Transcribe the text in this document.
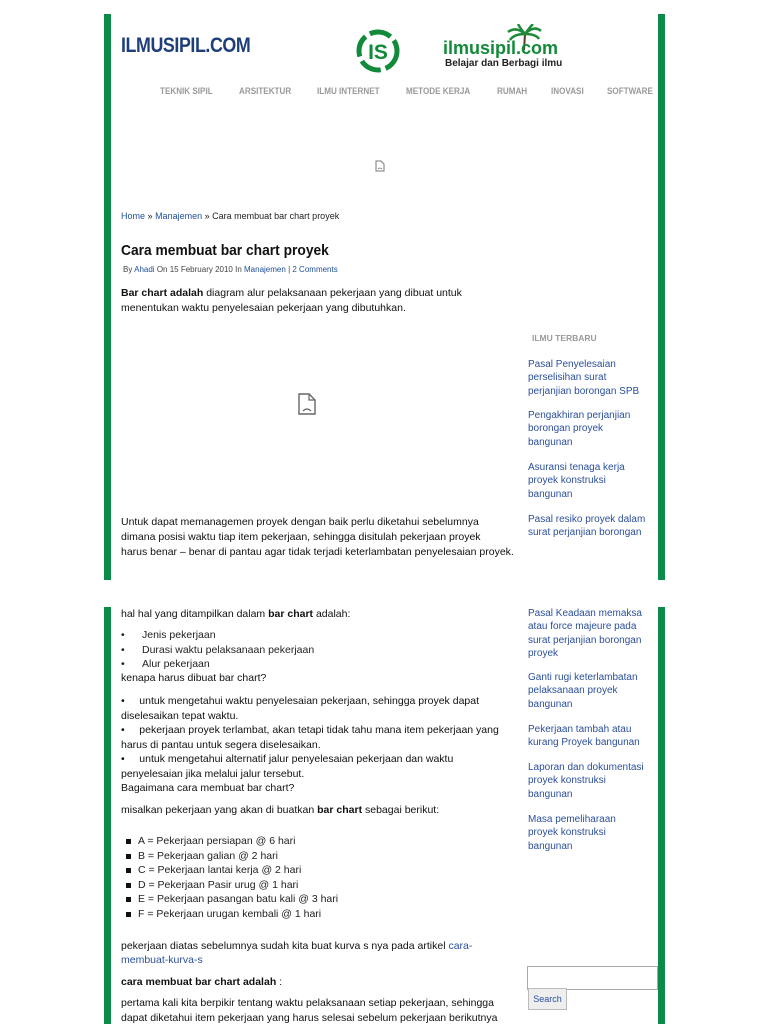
ILMUSIPIL.COM	IS	ilmusipil.com
Belajar dan Berbagi ilmu
TEKNIK SIPIL	ARSITEKTUR	ILMU INTERNET	METODE KERJA	RUMAH	INOVASI	SOFTWARE
Home » Manajemen » Cara membuat bar chart proyek
Cara membuat bar chart proyek
By Ahadi On 15 February 2010 In Manajemen | 2 Comments
Bar chart adalah diagram alur pelaksanaan pekerjaan yang dibuat untuk
menentukan waktu penyelesaian pekerjaan yang dibutuhkan.
Untuk dapat memanagemen proyek dengan baik perlu diketahui sebelumnya
dimana posisi waktu tiap item pekerjaan, sehingga disitulah pekerjaan proyek
harus benar – benar di pantau agar tidak terjadi keterlambatan penyelesaian proyek.
hal hal yang ditampilkan dalam bar chart adalah:
• Jenis pekerjaan
• Durasi waktu pelaksanaan pekerjaan
• Alur pekerjaan
kenapa harus dibuat bar chart?
•     untuk mengetahui waktu penyelesaian pekerjaan, sehingga proyek dapat
diselesaikan tepat waktu.
•     pekerjaan proyek terlambat, akan tetapi tidak tahu mana item pekerjaan yang
harus di pantau untuk segera diselesaikan.
•     untuk mengetahui alternatif jalur penyelesaian pekerjaan dan waktu
penyelesaian jika melalui jalur tersebut.
Bagaimana cara membuat bar chart?
misalkan pekerjaan yang akan di buatkan bar chart sebagai berikut:
A = Pekerjaan persiapan @ 6 hari
B = Pekerjaan galian @ 2 hari
C = Pekerjaan lantai kerja @ 2 hari
D = Pekerjaan Pasir urug @ 1 hari
E = Pekerjaan pasangan batu kali @ 3 hari
F = Pekerjaan urugan kembali @ 1 hari
pekerjaan diatas sebelumnya sudah kita buat kurva s nya pada artikel cara-
membuat-kurva-s
cara membuat bar chart adalah :
pertama kali kita berpikir tentang waktu pelaksanaan setiap pekerjaan, sehingga
dapat diketahui item pekerjaan yang harus selesai sebelum pekerjaan berikutnya
ILMU TERBARU
Pasal Penyelesaian
perselisihan surat
perjanjian borongan SPB
Pengakhiran perjanjian
borongan proyek
bangunan
Asuransi tenaga kerja
proyek konstruksi
bangunan
Pasal resiko proyek dalam
surat perjanjian borongan
Pasal Keadaan memaksa
atau force majeure pada
surat perjanjian borongan
proyek
Ganti rugi keterlambatan
pelaksanaan proyek
bangunan
Pekerjaan tambah atau
kurang Proyek bangunan
Laporan dan dokumentasi
proyek konstruksi
bangunan
Masa pemeliharaan
proyek konstruksi
bangunan
Search
